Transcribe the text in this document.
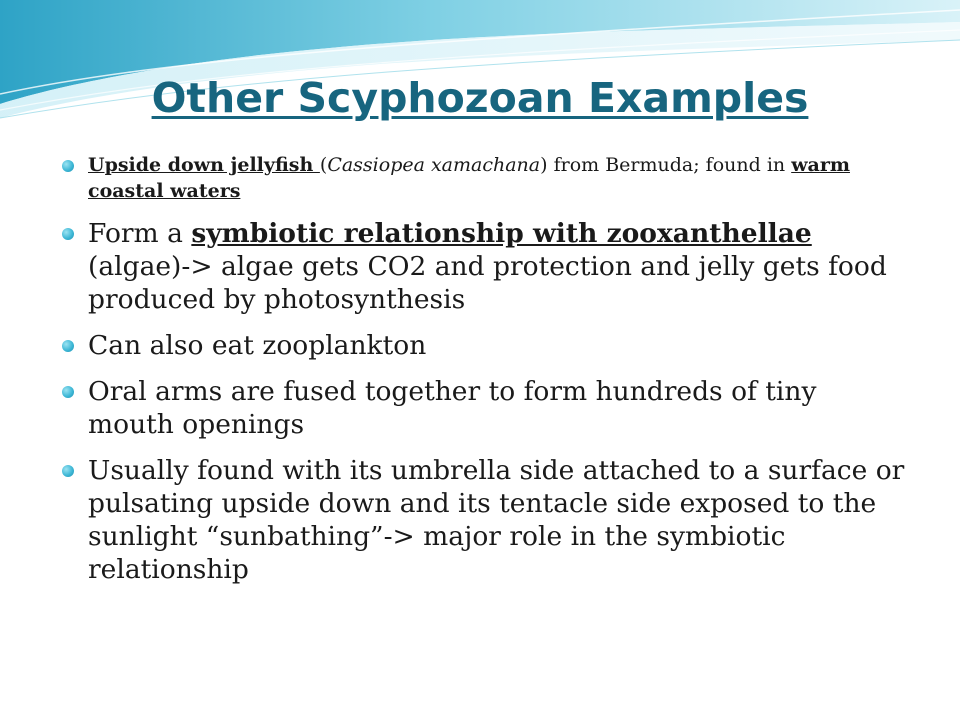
Other Scyphozoan Examples
Upside down jellyfish (Cassiopea xamachana) from Bermuda; found in warm coastal waters
Form a symbiotic relationship with zooxanthellae (algae)-> algae gets CO2 and protection and jelly gets food produced by photosynthesis
Can also eat zooplankton
Oral arms are fused together to form hundreds of tiny mouth openings
Usually found with its umbrella side attached to a surface or pulsating upside down and its tentacle side exposed to the sunlight “sunbathing”-> major role in the symbiotic relationship
